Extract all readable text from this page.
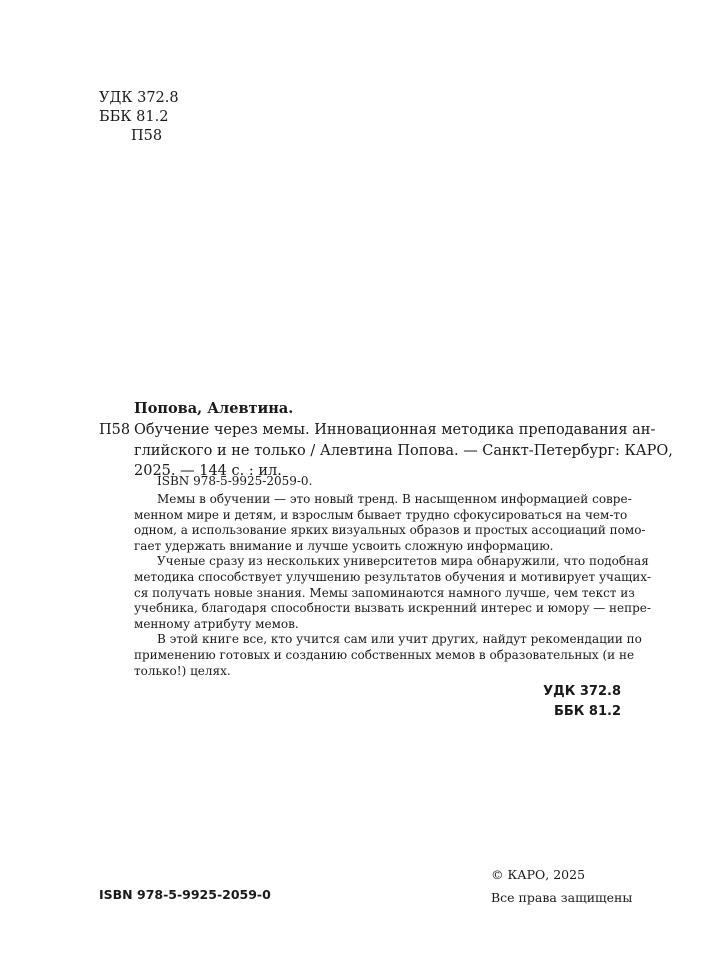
УДК 372.8
ББК 81.2
П58
Попова, Алевтина.
П58 Обучение через мемы. Инновационная методика преподавания ан-
глийского и не только / Алевтина Попова. — Санкт-Петербург: КАРО,
2025. — 144 с. : ил.
ISBN 978-5-9925-2059-0.
Мемы в обучении — это новый тренд. В насыщенном информацией совре-
менном мире и детям, и взрослым бывает трудно сфокусироваться на чем-то
одном, а использование ярких визуальных образов и простых ассоциаций помо-
гает удержать внимание и лучше усвоить сложную информацию.
Ученые сразу из нескольких университетов мира обнаружили, что подобная
методика способствует улучшению результатов обучения и мотивирует учащих-
ся получать новые знания. Мемы запоминаются намного лучше, чем текст из
учебника, благодаря способности вызвать искренний интерес и юмору — непре-
менному атрибуту мемов.
В этой книге все, кто учится сам или учит других, найдут рекомендации по
применению готовых и созданию собственных мемов в образовательных (и не
только!) целях.
УДК 372.8
ББК 81.2
ISBN 978-5-9925-2059-0
© КАРО, 2025
Все права защищены
